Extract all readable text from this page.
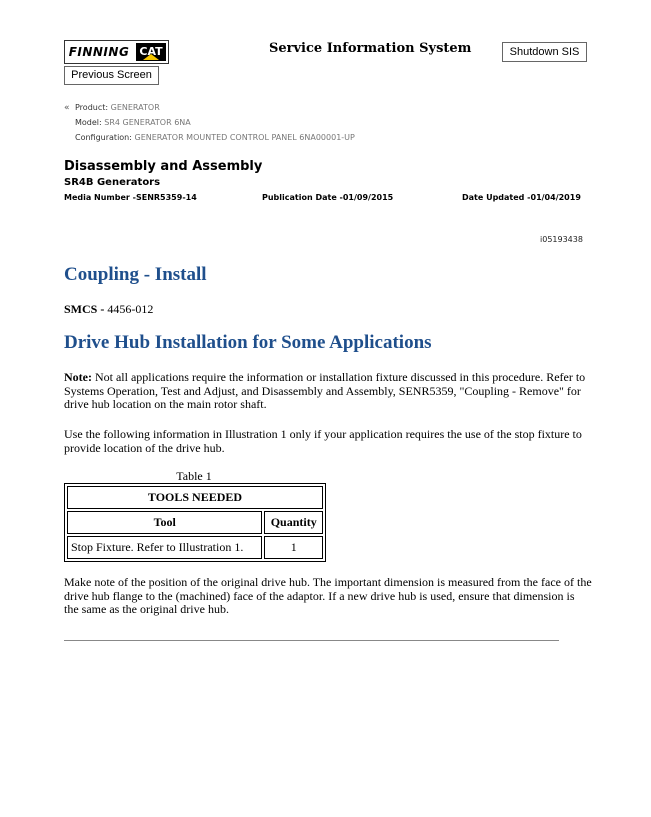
FINNING CAT	Service Information System	Shutdown SIS
Previous Screen
« Product: GENERATOR
Model: SR4 GENERATOR 6NA
Configuration: GENERATOR MOUNTED CONTROL PANEL 6NA00001-UP
Disassembly and Assembly
SR4B Generators
Media Number -SENR5359-14	Publication Date -01/09/2015	Date Updated -01/04/2019
i05193438
Coupling - Install
SMCS - 4456-012
Drive Hub Installation for Some Applications
Note: Not all applications require the information or installation fixture discussed in this procedure. Refer to Systems Operation, Test and Adjust, and Disassembly and Assembly, SENR5359, "Coupling - Remove" for drive hub location on the main rotor shaft.
Use the following information in Illustration 1 only if your application requires the use of the stop fixture to provide location of the drive hub.
Table 1
TOOLS NEEDED	
Tool	Quantity
Stop Fixture. Refer to Illustration 1.	1
Make note of the position of the original drive hub. The important dimension is measured from the face of the drive hub flange to the (machined) face of the adaptor. If a new drive hub is used, ensure that dimension is the same as the original drive hub.
